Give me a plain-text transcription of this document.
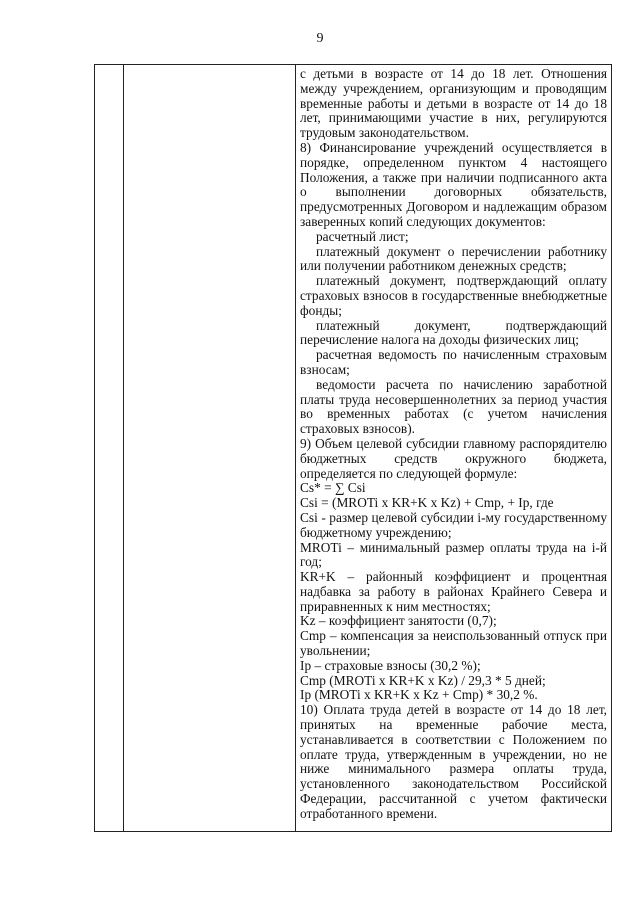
9

с детьми в возрасте от 14 до 18 лет. Отношения между учреждением, организующим и проводящим временные работы и детьми в возрасте от 14 до 18 лет, принимающими участие в них, регулируются трудовым законодательством.

8) Финансирование учреждений осуществляется в порядке, определенном пунктом 4 настоящего Положения, а также при наличии подписанного акта о выполнении договорных обязательств, предусмотренных Договором и надлежащим образом заверенных копий следующих документов:

расчетный лист;

платежный документ о перечислении работнику или получении работником денежных средств;

платежный документ, подтверждающий оплату страховых взносов в государственные внебюджетные фонды;

платежный документ, подтверждающий перечисление налога на доходы физических лиц;

расчетная ведомость по начисленным страховым взносам;

ведомости расчета по начислению заработной платы труда несовершеннолетних за период участия во временных работах (с учетом начисления страховых взносов).

9) Объем целевой субсидии главному распорядителю бюджетных средств окружного бюджета, определяется по следующей формуле:

Cs* = ∑ Csi

Csi = (MROTi x KR+K x Kz) + Cmp, + Ip, где

Csi - размер целевой субсидии i-му государственному бюджетному учреждению;

MROTi – минимальный размер оплаты труда на i-й год;

KR+K – районный коэффициент и процентная надбавка за работу в районах Крайнего Севера и приравненных к ним местностях;

Kz – коэффициент занятости (0,7);

Cmp – компенсация за неиспользованный отпуск при увольнении;

Ip – страховые взносы (30,2 %);

Cmp (MROTi x KR+K x Kz) / 29,3 * 5 дней;

Ip (MROTi x KR+K x Kz + Cmp) * 30,2 %.

10) Оплата труда детей в возрасте от 14 до 18 лет, принятых на временные рабочие места, устанавливается в соответствии с Положением по оплате труда, утвержденным в учреждении, но не ниже минимального размера оплаты труда, установленного законодательством Российской Федерации, рассчитанной с учетом фактически отработанного времени.
